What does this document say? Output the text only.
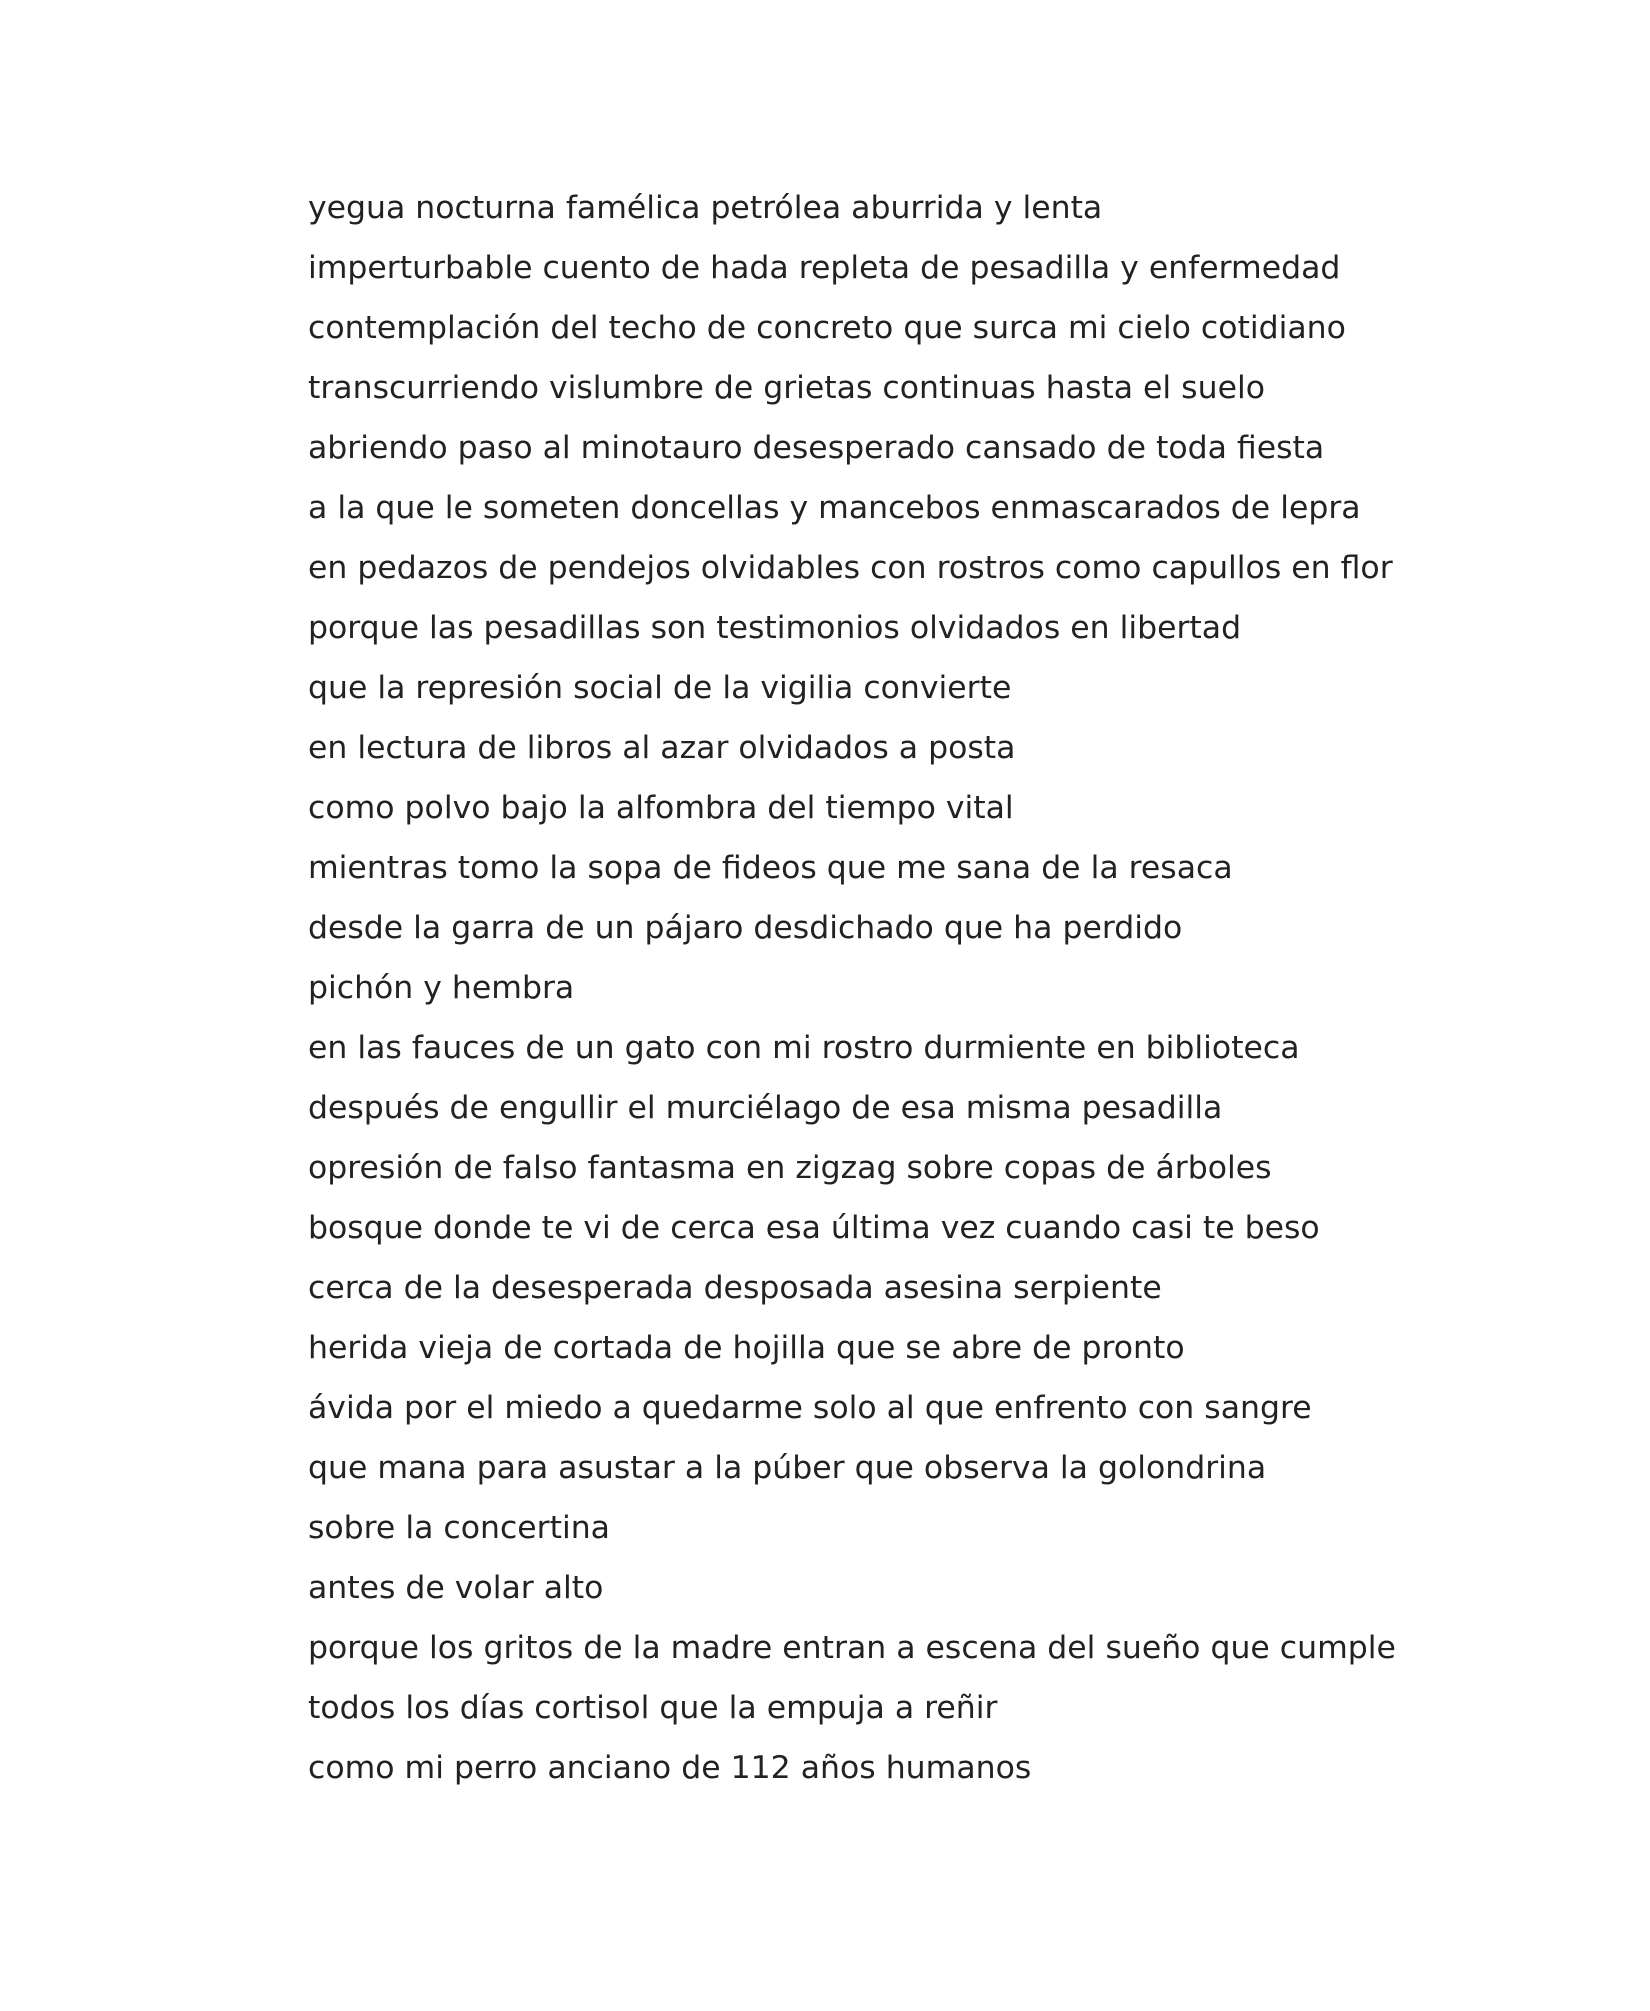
yegua nocturna famélica petrólea aburrida y lenta
imperturbable cuento de hada repleta de pesadilla y enfermedad
contemplación del techo de concreto que surca mi cielo cotidiano
transcurriendo vislumbre de grietas continuas hasta el suelo
abriendo paso al minotauro desesperado cansado de toda fiesta
a la que le someten doncellas y mancebos enmascarados de lepra
en pedazos de pendejos olvidables con rostros como capullos en flor
porque las pesadillas son testimonios olvidados en libertad
que la represión social de la vigilia convierte
en lectura de libros al azar olvidados a posta
como polvo bajo la alfombra del tiempo vital
mientras tomo la sopa de fideos que me sana de la resaca
desde la garra de un pájaro desdichado que ha perdido
pichón y hembra
en las fauces de un gato con mi rostro durmiente en biblioteca
después de engullir el murciélago de esa misma pesadilla
opresión de falso fantasma en zigzag sobre copas de árboles
bosque donde te vi de cerca esa última vez cuando casi te beso
cerca de la desesperada desposada asesina serpiente
herida vieja de cortada de hojilla que se abre de pronto
ávida por el miedo a quedarme solo al que enfrento con sangre
que mana para asustar a la púber que observa la golondrina
sobre la concertina
antes de volar alto
porque los gritos de la madre entran a escena del sueño que cumple
todos los días cortisol que la empuja a reñir
como mi perro anciano de 112 años humanos
